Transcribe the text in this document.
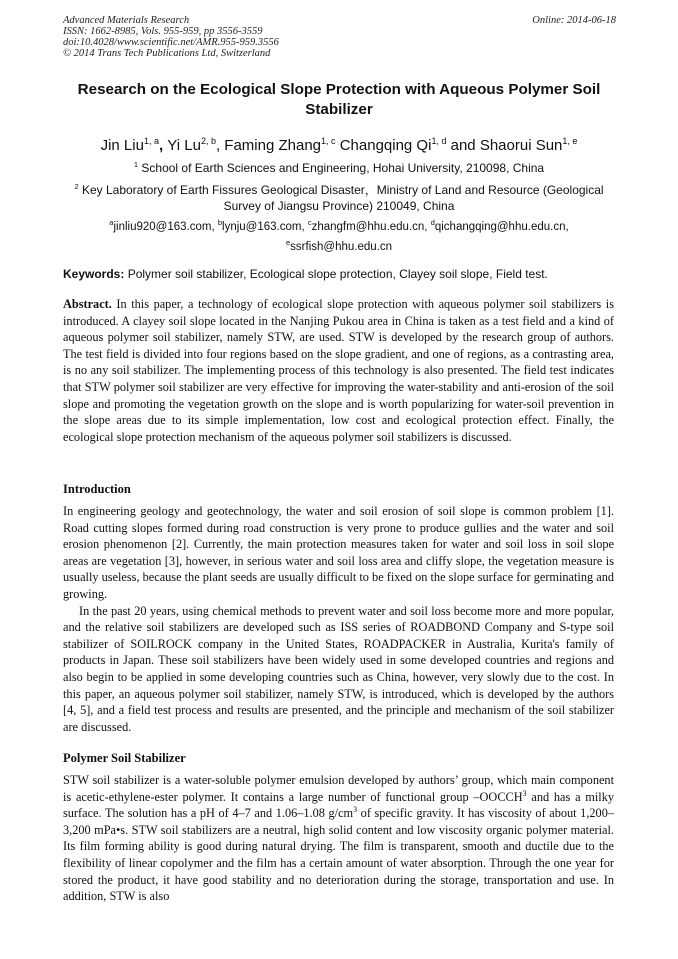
Advanced Materials Research
ISSN: 1662-8985, Vols. 955-959, pp 3556-3559
doi:10.4028/www.scientific.net/AMR.955-959.3556
© 2014 Trans Tech Publications Ltd, Switzerland
Online: 2014-06-18
Research on the Ecological Slope Protection with Aqueous Polymer Soil Stabilizer
Jin Liu$^{1, a}$, Yi Lu$^{2, b}$, Faming Zhang$^{1, c}$ Changqing Qi$^{1, d}$ and Shaorui Sun$^{1, e}$
$^1$ School of Earth Sciences and Engineering, Hohai University, 210098, China
$^2$ Key Laboratory of Earth Fissures Geological Disaster，Ministry of Land and Resource (Geological Survey of Jiangsu Province) 210049, China
$^a$jinliu920@163.com, $^b$lynju@163.com, $^c$zhangfm@hhu.edu.cn, $^d$qichangqing@hhu.edu.cn,
$^e$ssrfish@hhu.edu.cn
Keywords: Polymer soil stabilizer, Ecological slope protection, Clayey soil slope, Field test.

Abstract. In this paper, a technology of ecological slope protection with aqueous polymer soil stabilizers is introduced. A clayey soil slope located in the Nanjing Pukou area in China is taken as a test field and a kind of aqueous polymer soil stabilizer, namely STW, are used. STW is developed by the research group of authors. The test field is divided into four regions based on the slope gradient, and one of regions, as a contrasting area, is no any soil stabilizer. The implementing process of this technology is also presented. The field test indicates that STW polymer soil stabilizer are very effective for improving the water-stability and anti-erosion of the soil slope and promoting the vegetation growth on the slope and is worth popularizing for water-soil prevention in the slope areas due to its simple implementation, low cost and ecological protection effect. Finally, the ecological slope protection mechanism of the aqueous polymer soil stabilizers is discussed.

Introduction

In engineering geology and geotechnology, the water and soil erosion of soil slope is common problem [1]. Road cutting slopes formed during road construction is very prone to produce gullies and the water and soil erosion phenomenon [2]. Currently, the main protection measures taken for water and soil loss in soil slope areas are vegetation [3], however, in serious water and soil loss area and cliffy slope, the vegetation measure is usually useless, because the plant seeds are usually difficult to be fixed on the slope surface for germinating and growing.

In the past 20 years, using chemical methods to prevent water and soil loss become more and more popular, and the relative soil stabilizers are developed such as ISS series of ROADBOND Company and S-type soil stabilizer of SOILROCK company in the United States, ROADPACKER in Australia, Kurita's family of products in Japan. These soil stabilizers have been widely used in some developed countries and regions and also begin to be applied in some developing countries such as China, however, very slowly due to the cost. In this paper, an aqueous polymer soil stabilizer, namely STW, is introduced, which is developed by the authors [4, 5], and a field test process and results are presented, and the principle and mechanism of the soil stabilizer are discussed.

Polymer Soil Stabilizer

STW soil stabilizer is a water-soluble polymer emulsion developed by authors’ group, which main component is acetic-ethylene-ester polymer. It contains a large number of functional group –OOCCH$^3$ and has a milky surface. The solution has a pH of 4–7 and 1.06–1.08 $g/cm^3$ of specific gravity. It has viscosity of about 1,200–3,200 mPa•s. STW soil stabilizers are a neutral, high solid content and low viscosity organic polymer material. Its film forming ability is good during natural drying. The film is transparent, smooth and ductile due to the flexibility of linear copolymer and the film has a certain amount of water absorption. Through the one year for stored the product, it have good stability and no deterioration during the storage, transportation and use. In addition, STW is also
